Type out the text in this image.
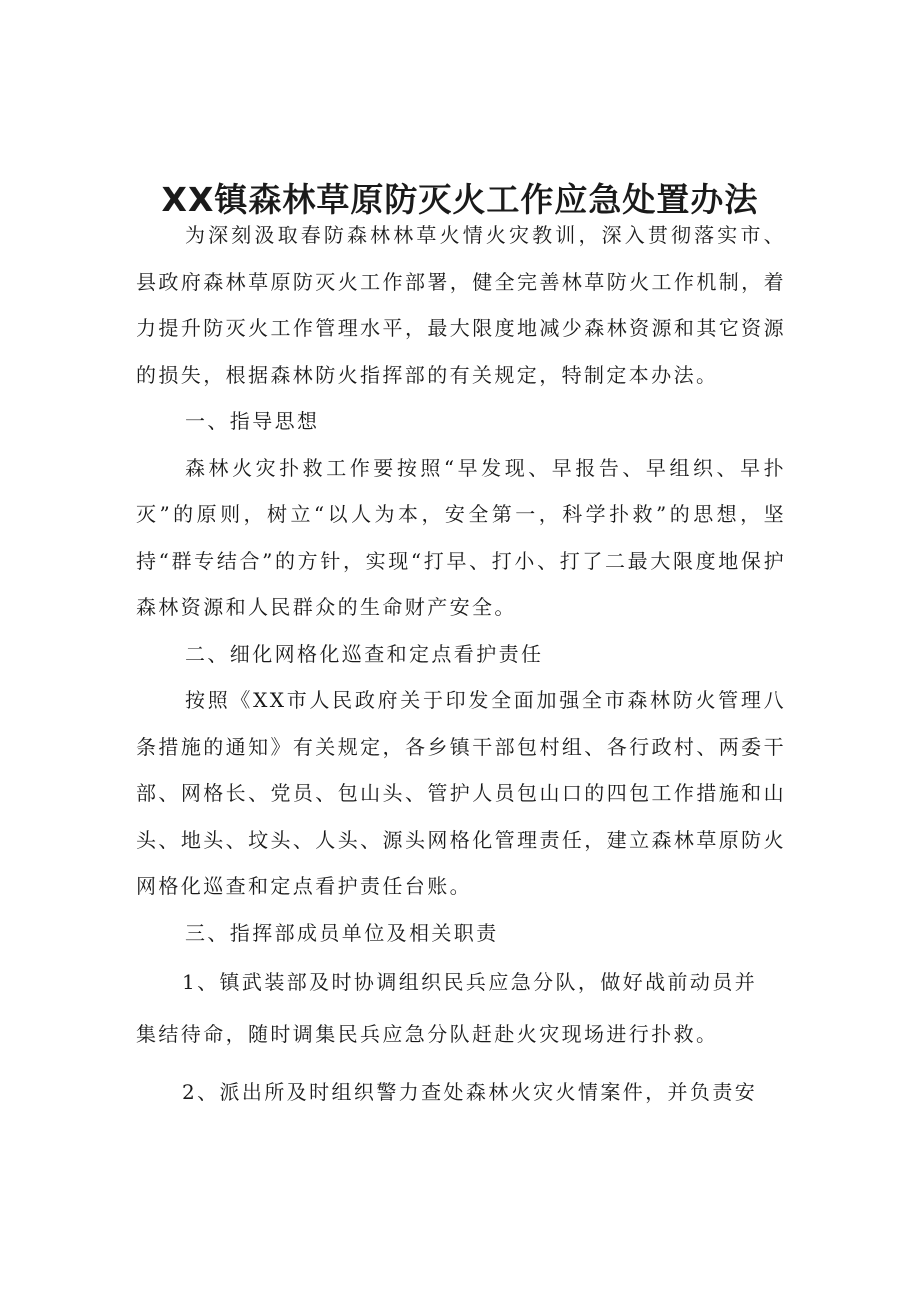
XX镇森林草原防灭火工作应急处置办法

为深刻汲取春防森林林草火情火灾教训，深入贯彻落实市、县政府森林草原防灭火工作部署，健全完善林草防火工作机制，着力提升防灭火工作管理水平，最大限度地减少森林资源和其它资源的损失，根据森林防火指挥部的有关规定，特制定本办法。

一、指导思想

森林火灾扑救工作要按照“早发现、早报告、早组织、早扑灭”的原则，树立“以人为本，安全第一，科学扑救”的思想，坚持“群专结合”的方针，实现“打早、打小、打了二最大限度地保护森林资源和人民群众的生命财产安全。

二、细化网格化巡查和定点看护责任

按照《XX市人民政府关于印发全面加强全市森林防火管理八条措施的通知》有关规定，各乡镇干部包村组、各行政村、两委干部、网格长、党员、包山头、管护人员包山口的四包工作措施和山头、地头、坟头、人头、源头网格化管理责任，建立森林草原防火网格化巡查和定点看护责任台账。

三、指挥部成员单位及相关职责

1、镇武装部及时协调组织民兵应急分队，做好战前动员并

集结待命，随时调集民兵应急分队赶赴火灾现场进行扑救。

2、派出所及时组织警力查处森林火灾火情案件，并负责安
